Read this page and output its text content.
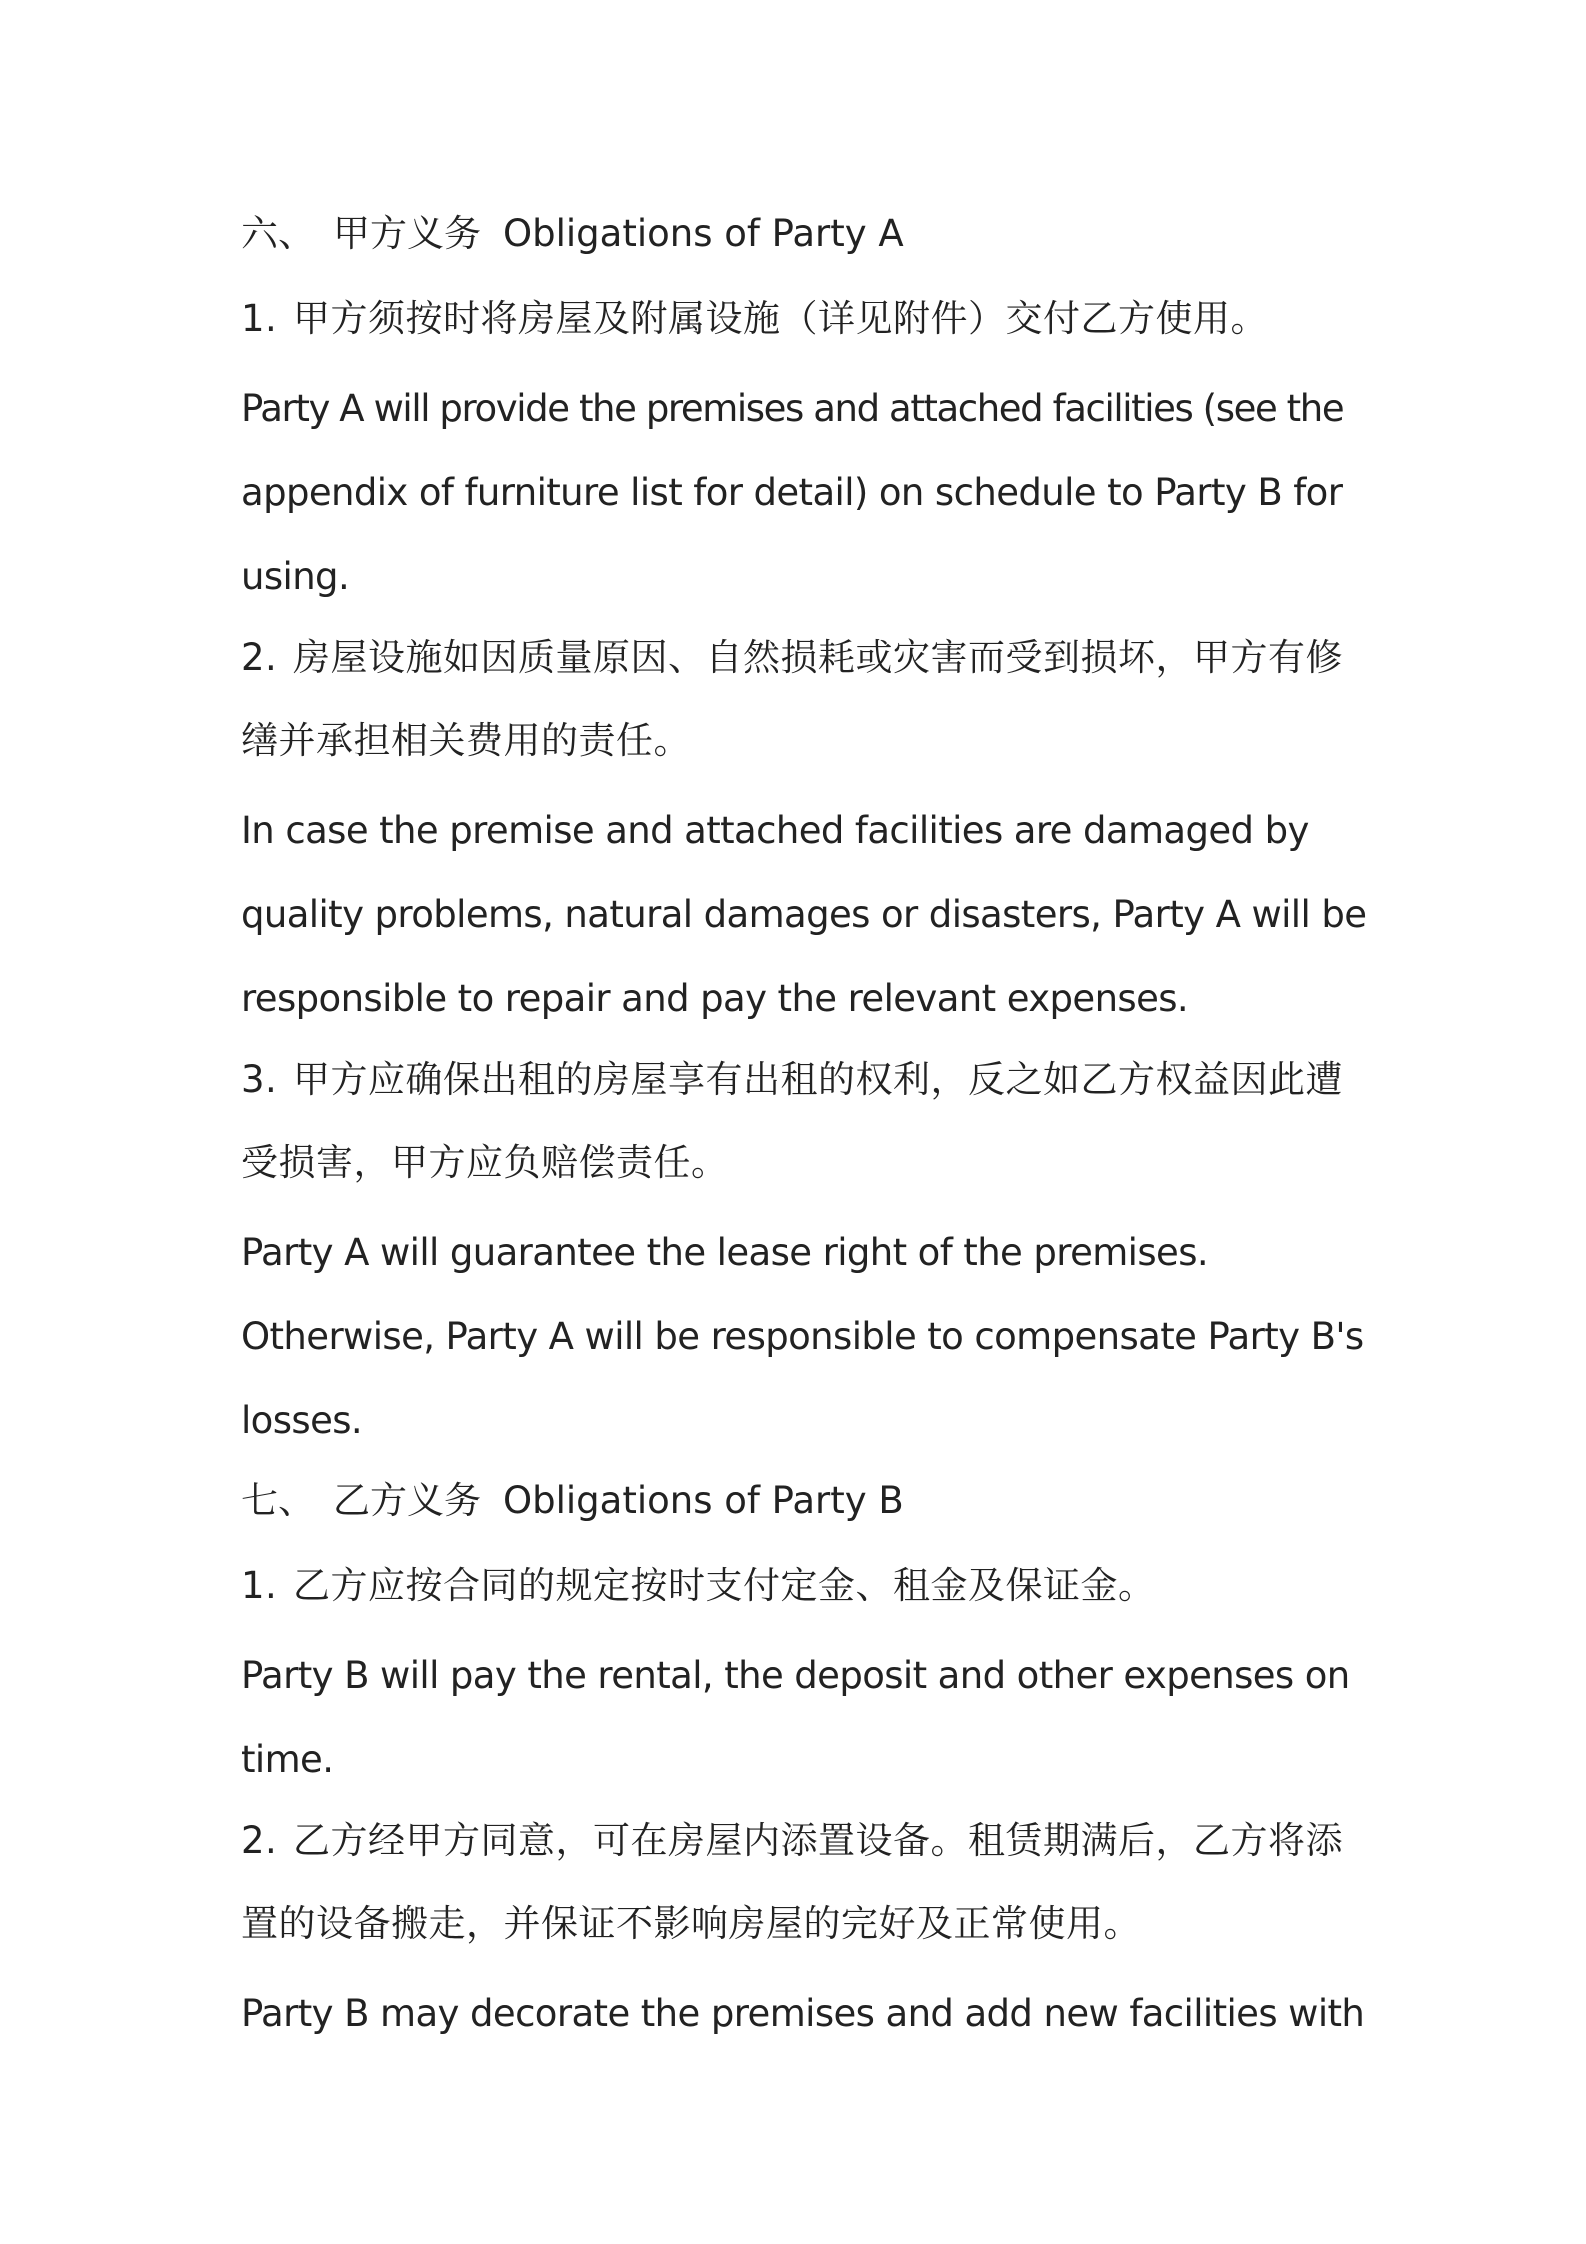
六、 甲方义务 Obligations of Party A
1. 甲方须按时将房屋及附属设施（详见附件）交付乙方使用。
Party A will provide the premises and attached facilities (see the
appendix of furniture list for detail) on schedule to Party B for
using.
2. 房屋设施如因质量原因、自然损耗或灾害而受到损坏，甲方有修
缮并承担相关费用的责任。
In case the premise and attached facilities are damaged by
quality problems, natural damages or disasters, Party A will be
responsible to repair and pay the relevant expenses.
3. 甲方应确保出租的房屋享有出租的权利，反之如乙方权益因此遭
受损害，甲方应负赔偿责任。
Party A will guarantee the lease right of the premises.
Otherwise, Party A will be responsible to compensate Party B's
losses.
七、 乙方义务 Obligations of Party B
1. 乙方应按合同的规定按时支付定金、租金及保证金。
Party B will pay the rental, the deposit and other expenses on
time.
2. 乙方经甲方同意，可在房屋内添置设备。租赁期满后，乙方将添
置的设备搬走，并保证不影响房屋的完好及正常使用。
Party B may decorate the premises and add new facilities with
